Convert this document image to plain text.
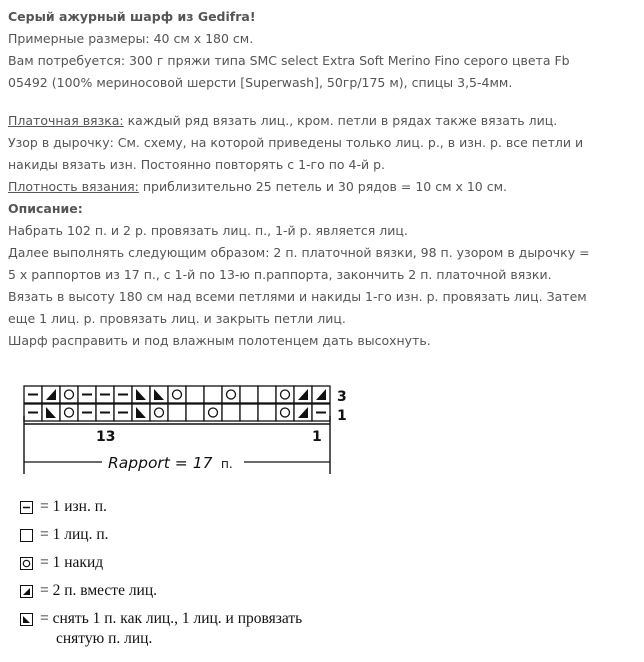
Серый ажурный шарф из Gedifra!
Примерные размеры: 40 см х 180 см.
Вам потребуется: 300 г пряжи типа SMC select Extra Soft Merino Fino серого цвета Fb
05492 (100% мериносовой шерсти [Superwash], 50гр/175 м), спицы 3,5-4мм.
Платочная вязка: каждый ряд вязать лиц., кром. петли в рядах также вязать лиц.
Узор в дырочку: См. схему, на которой приведены только лиц. р., в изн. р. все петли и
накиды вязать изн. Постоянно повторять с 1-го по 4-й р.
Плотность вязания: приблизительно 25 петель и 30 рядов = 10 см х 10 см.
Описание:
Набрать 102 п. и 2 р. провязать лиц. п., 1-й р. является лиц.
Далее выполнять следующим образом: 2 п. платочной вязки, 98 п. узором в дырочку =
5 х раппортов из 17 п., с 1-й по 13-ю п.раппорта, закончить 2 п. платочной вязки.
Вязать в высоту 180 см над всеми петлями и накиды 1-го изн. р. провязать лиц. Затем
еще 1 лиц. р. провязать лиц. и закрыть петли лиц.
Шарф расправить и под влажным полотенцем дать высохнуть.
3
1
13	1
Rapport = 17 п.
= 1 изн. п.
= 1 лиц. п.
= 1 накид
= 2 п. вместе лиц.
= снять 1 п. как лиц., 1 лиц. и провязать
снятую п. лиц.
